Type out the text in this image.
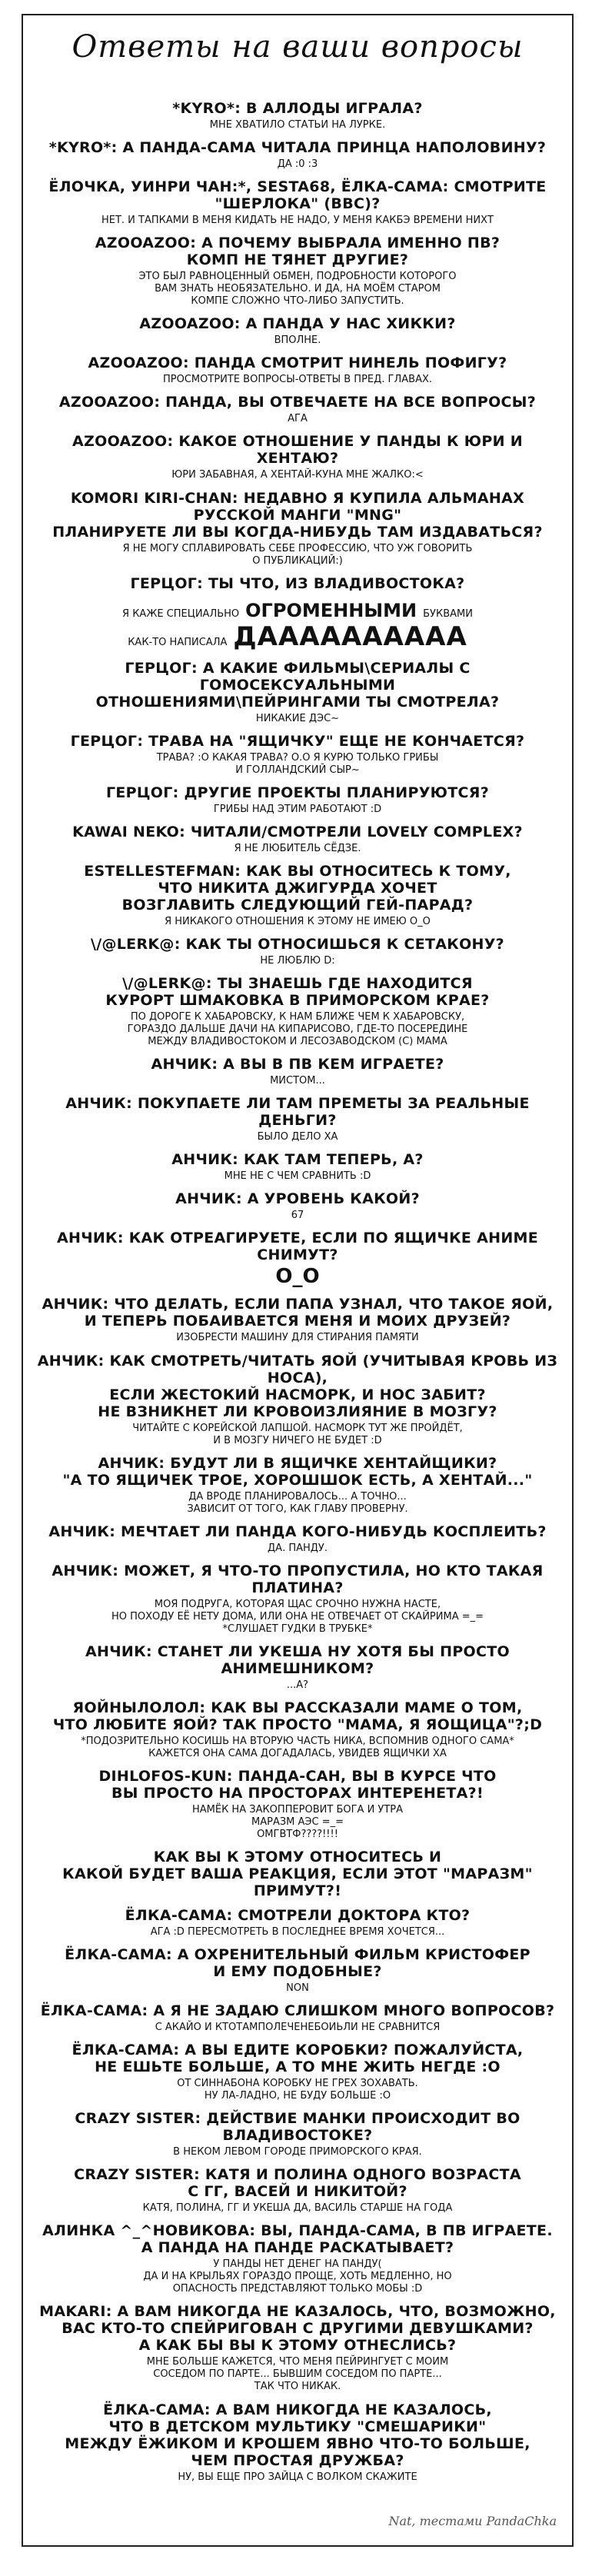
Ответы на ваши вопросы
*KYRO*: В АЛЛОДЫ ИГРАЛА?
МНЕ ХВАТИЛО СТАТЬИ НА ЛУРКЕ.
*KYRO*: А ПАНДА-САМА ЧИТАЛА ПРИНЦА НАПОЛОВИНУ?
ДА :0 :3
ЁЛОЧКА, УИНРИ ЧАН:*, SESTA68, ЁЛКА-САМА: СМОТРИТЕ "ШЕРЛОКА" (BBC)?
НЕТ. И ТАПКАМИ В МЕНЯ КИДАТЬ НЕ НАДО, У МЕНЯ КАКБЭ ВРЕМЕНИ НИХТ
AZOOAZOO: А ПОЧЕМУ ВЫБРАЛА ИМЕННО ПВ?
КОМП НЕ ТЯНЕТ ДРУГИЕ?
ЭТО БЫЛ РАВНОЦЕННЫЙ ОБМЕН, ПОДРОБНОСТИ КОТОРОГО
ВАМ ЗНАТЬ НЕОБЯЗАТЕЛЬНО. И ДА, НА МОЁМ СТАРОМ
КОМПЕ СЛОЖНО ЧТО-ЛИБО ЗАПУСТИТЬ.
AZOOAZOO: А ПАНДА У НАС ХИККИ?
ВПОЛНЕ.
AZOOAZOO: ПАНДА СМОТРИТ НИНЕЛЬ ПОФИГУ?
ПРОСМОТРИТЕ ВОПРОСЫ-ОТВЕТЫ В ПРЕД. ГЛАВАХ.
AZOOAZOO: ПАНДА, ВЫ ОТВЕЧАЕТЕ НА ВСЕ ВОПРОСЫ?
АГА
AZOOAZOO: КАКОЕ ОТНОШЕНИЕ У ПАНДЫ К ЮРИ И ХЕНТАЮ?
ЮРИ ЗАБАВНАЯ, А ХЕНТАЙ-КУНА МНЕ ЖАЛКО:<
KOMORI KIRI-CHAN: НЕДАВНО Я КУПИЛА АЛЬМАНАХ
РУССКОЙ МАНГИ "MNG"
ПЛАНИРУЕТЕ ЛИ ВЫ КОГДА-НИБУДЬ ТАМ ИЗДАВАТЬСЯ?
Я НЕ МОГУ СПЛАВИРОВАТЬ СЕБЕ ПРОФЕССИЮ, ЧТО УЖ ГОВОРИТЬ
О ПУБЛИКАЦИЙ:)
ГЕРЦОГ: ТЫ ЧТО, ИЗ ВЛАДИВОСТОКА?
Я КАЖЕ СПЕЦИАЛЬНО ОГРОМЕННЫМИ БУКВАМИ
КАК-ТО НАПИСАЛА ДАААААААААА
ГЕРЦОГ: А КАКИЕ ФИЛЬМЫ\СЕРИАЛЫ С ГОМОСЕКСУАЛЬНЫМИ
ОТНОШЕНИЯМИ\ПЕЙРИНГАМИ ТЫ СМОТРЕЛА?
НИКАКИЕ ДЭС~
ГЕРЦОГ: ТРАВА НА "ЯЩИЧКУ" ЕЩЕ НЕ КОНЧАЕТСЯ?
ТРАВА? :О КАКАЯ ТРАВА? О.О Я КУРЮ ТОЛЬКО ГРИБЫ
И ГОЛЛАНДСКИЙ СЫР~
ГЕРЦОГ: ДРУГИЕ ПРОЕКТЫ ПЛАНИРУЮТСЯ?
ГРИБЫ НАД ЭТИМ РАБОТАЮТ :D
KAWAI NEKO: ЧИТАЛИ/СМОТРЕЛИ LOVELY COMPLEX?
Я НЕ ЛЮБИТЕЛЬ СЁДЗЕ.
ESTELLESTEFMAN: КАК ВЫ ОТНОСИТЕСЬ К ТОМУ,
ЧТО НИКИТА ДЖИГУРДА ХОЧЕТ
ВОЗГЛАВИТЬ СЛЕДУЮЩИЙ ГЕЙ-ПАРАД?
Я НИКАКОГО ОТНОШЕНИЯ К ЭТОМУ НЕ ИМЕЮ О_О
\/@LERK@: КАК ТЫ ОТНОСИШЬСЯ К СЕТАКОНУ?
НЕ ЛЮБЛЮ D:
\/@LERK@: ТЫ ЗНАЕШЬ ГДЕ НАХОДИТСЯ
КУРОРТ ШМАКОВКА В ПРИМОРСКОМ КРАЕ?
ПО ДОРОГЕ К ХАБАРОВСКУ, К НАМ БЛИЖЕ ЧЕМ К ХАБАРОВСКУ,
ГОРАЗДО ДАЛЬШЕ ДАЧИ НА КИПАРИСОВО, ГДЕ-ТО ПОСЕРЕДИНЕ
МЕЖДУ ВЛАДИВОСТОКОМ И ЛЕСОЗАВОДСКОМ (С) МАМА
АНЧИК: А ВЫ В ПВ КЕМ ИГРАЕТЕ?
МИСТОМ...
АНЧИК: ПОКУПАЕТЕ ЛИ ТАМ ПРЕМЕТЫ ЗА РЕАЛЬНЫЕ ДЕНЬГИ?
БЫЛО ДЕЛО ХА
АНЧИК: КАК ТАМ ТЕПЕРЬ, А?
МНЕ НЕ С ЧЕМ СРАВНИТЬ :D
АНЧИК: А УРОВЕНЬ КАКОЙ?
67
АНЧИК: КАК ОТРЕАГИРУЕТЕ, ЕСЛИ ПО ЯЩИЧКЕ АНИМЕ СНИМУТ?
O_O
АНЧИК: ЧТО ДЕЛАТЬ, ЕСЛИ ПАПА УЗНАЛ, ЧТО ТАКОЕ ЯОЙ,
И ТЕПЕРЬ ПОБАИВАЕТСЯ МЕНЯ И МОИХ ДРУЗЕЙ?
ИЗОБРЕСТИ МАШИНУ ДЛЯ СТИРАНИЯ ПАМЯТИ
АНЧИК: КАК СМОТРЕТЬ/ЧИТАТЬ ЯОЙ (УЧИТЫВАЯ КРОВЬ ИЗ НОСА),
ЕСЛИ ЖЕСТОКИЙ НАСМОРК, И НОС ЗАБИТ?
НЕ ВЗНИКНЕТ ЛИ КРОВОИЗЛИЯНИЕ В МОЗГУ?
ЧИТАЙТЕ С КОРЕЙСКОЙ ЛАПШОЙ. НАСМОРК ТУТ ЖЕ ПРОЙДЁТ,
И В МОЗГУ НИЧЕГО НЕ БУДЕТ :D
АНЧИК: БУДУТ ЛИ В ЯЩИЧКЕ ХЕНТАЙЩИКИ?
"А ТО ЯЩИЧЕК ТРОЕ, ХОРОШШОК ЕСТЬ, А ХЕНТАЙ..."
ДА ВРОДЕ ПЛАНИРОВАЛОСЬ... А ТОЧНО...
ЗАВИСИТ ОТ ТОГО, КАК ГЛАВУ ПРОВЕРНУ.
АНЧИК: МЕЧТАЕТ ЛИ ПАНДА КОГО-НИБУДЬ КОСПЛЕИТЬ?
ДА. ПАНДУ.
АНЧИК: МОЖЕТ, Я ЧТО-ТО ПРОПУСТИЛА, НО КТО ТАКАЯ ПЛАТИНА?
МОЯ ПОДРУГА, КОТОРАЯ ЩАС СРОЧНО НУЖНА НАСТЕ,
НО ПОХОДУ ЕЁ НЕТУ ДОМА, ИЛИ ОНА НЕ ОТВЕЧАЕТ ОТ СКАЙРИМА =_=
*СЛУШАЕТ ГУДКИ В ТРУБКЕ*
АНЧИК: СТАНЕТ ЛИ УКЕША НУ ХОТЯ БЫ ПРОСТО АНИМЕШНИКОМ?
...А?
ЯОЙНЫЛОЛОЛ: КАК ВЫ РАССКАЗАЛИ МАМЕ О ТОМ,
ЧТО ЛЮБИТЕ ЯОЙ? ТАК ПРОСТО "МАМА, Я ЯОЩИЦА"?;D
*ПОДОЗРИТЕЛЬНО КОСИШЬ НА ВТОРУЮ ЧАСТЬ НИКА, ВСПОМНИВ ОДНОГО САМА*
КАЖЕТСЯ ОНА САМА ДОГАДАЛАСЬ, УВИДЕВ ЯЩИЧКИ ХА
DIHLOFOS-KUN: ПАНДА-САН, ВЫ В КУРСЕ ЧТО
ВЫ ПРОСТО НА ПРОСТОРАХ ИНТЕРЕНЕТА?!
НАМЁК НА ЗАКОППЕРОВИТ БОГА И УТРА
МАРАЗМ АЭС =_=
ОМГВТФ????!!!!
КАК ВЫ К ЭТОМУ ОТНОСИТЕСЬ И
КАКОЙ БУДЕТ ВАША РЕАКЦИЯ, ЕСЛИ ЭТОТ "МАРАЗМ" ПРИМУТ?!
ЁЛКА-САМА: СМОТРЕЛИ ДОКТОРА КТО?
АГА :D ПЕРЕСМОТРЕТЬ В ПОСЛЕДНЕЕ ВРЕМЯ ХОЧЕТСЯ...
ЁЛКА-САМА: А ОХРЕНИТЕЛЬНЫЙ ФИЛЬМ КРИСТОФЕР
И ЕМУ ПОДОБНЫЕ?
NON
ЁЛКА-САМА: А Я НЕ ЗАДАЮ СЛИШКОМ МНОГО ВОПРОСОВ?
С АКАЙО И КТОТАМПОЛЕЧЕНЕБОИЬЛИ НЕ СРАВНИТСЯ
ЁЛКА-САМА: А ВЫ ЕДИТЕ КОРОБКИ? ПОЖАЛУЙСТА,
НЕ ЕШЬТЕ БОЛЬШЕ, А ТО МНЕ ЖИТЬ НЕГДЕ :O
ОТ СИННАБОНА КОРОБКУ НЕ ГРЕХ ЗОХАВАТЬ.
НУ ЛА-ЛАДНО, НЕ БУДУ БОЛЬШЕ :O
CRAZY SISTER: ДЕЙСТВИЕ МАНКИ ПРОИСХОДИТ ВО ВЛАДИВОСТОКЕ?
В НЕКОМ ЛЕВОМ ГОРОДЕ ПРИМОРСКОГО КРАЯ.
CRAZY SISTER: КАТЯ И ПОЛИНА ОДНОГО ВОЗРАСТА
С ГГ, ВАСЕЙ И НИКИТОЙ?
КАТЯ, ПОЛИНА, ГГ И УКЕША ДА, ВАСИЛЬ СТАРШЕ НА ГОДА
АЛИНКА ^_^НОВИКОВА: ВЫ, ПАНДА-САМА, В ПВ ИГРАЕТЕ.
А ПАНДА НА ПАНДЕ РАСКАТЫВАЕТ?
У ПАНДЫ НЕТ ДЕНЕГ НА ПАНДУ(
ДА И НА КРЫЛЬЯХ ГОРАЗДО ПРОЩЕ, ХОТЬ МЕДЛЕННО, НО
ОПАСНОСТЬ ПРЕДСТАВЛЯЮТ ТОЛЬКО МОБЫ :D
MAKARI: А ВАМ НИКОГДА НЕ КАЗАЛОСЬ, ЧТО, ВОЗМОЖНО,
ВАС КТО-ТО СПЕЙРИГОВАН С ДРУГИМИ ДЕВУШКАМИ?
А КАК БЫ ВЫ К ЭТОМУ ОТНЕСЛИСЬ?
МНЕ БОЛЬШЕ КАЖЕТСЯ, ЧТО МЕНЯ ПЕЙРИНГУЕТ С МОИМ
СОСЕДОМ ПО ПАРТЕ... БЫВШИМ СОСЕДОМ ПО ПАРТЕ...
ТАК ЧТО НИКАК.
ЁЛКА-САМА: А ВАМ НИКОГДА НЕ КАЗАЛОСЬ,
ЧТО В ДЕТСКОМ МУЛЬТИКУ "СМЕШАРИКИ"
МЕЖДУ ЁЖИКОМ И КРОШЕМ ЯВНО ЧТО-ТО БОЛЬШЕ,
ЧЕМ ПРОСТАЯ ДРУЖБА?
НУ, ВЫ ЕЩЕ ПРО ЗАЙЦА С ВОЛКОМ СКАЖИТЕ
Nat, тестами PandaChka
